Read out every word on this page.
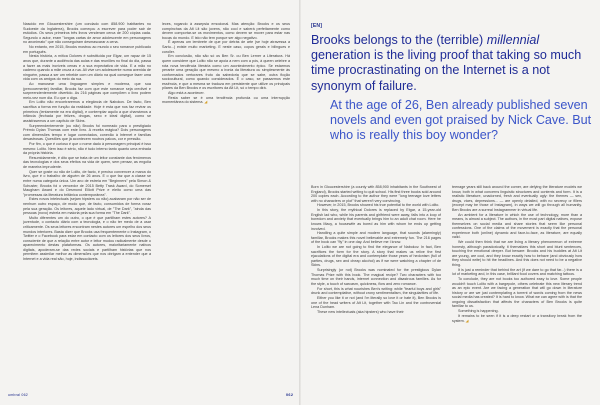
Nascido em Gloucestershire (um condado com 858.900 habitantes no Sudoeste da Inglaterra), Brooks começou a escrever para poder sair de estúdios. Os seus primeiros três livros venderam cerca de 200 cópias cada. Segundo o autor, eram "longas cartas de amor adolescente em personagens no anonimato" que não conseguiram desmascarar a cena.

No entanto, em 2015, Brooks mostrou ao mundo o seu romance publicado em português.

Nesta história, a mítica Dolores é substituída por Elgar, um rapaz de 15 anos que, durante a audiência das aulas e das reuniões no final do dia, passa a fazer as mais incríveis cenas e a sua expectativa de vida. E a mão no caderno quando a mãe cruza a rua. Ali vive um adolescente numa avenida de ninguém, passa a ser um rebelde com um diário na qual consegue fazer uma vida com os amigos do meio da rua.

Ao manusear uma linguagem simples e moderna, que soa (precocemente) familiar, Brooks faz com que este romance seja credível e surpreendentemente divertido. As 216 páginas que compõem o livro podem meio-vez num dia. Eu que o diga.

Em Lolito não encontraremos a elegância de Nabokov. De facto, Ben sacrifica a forma em função da realidade. Hoje é esta que nos faz revirar os primeiros (lentamente na era digital), e contemplar aquilo a que chamámos a infância (fechada por felizes, drogas, sexo e ideal digital), como se assistíssemos a um capítulo de Skins.

Surpreendentemente (ou não) Brooks foi nomeado para o prestigiado Prémio Dylan Thomas com este livro. A receita mágica? Dois personagens com dimensões tempo e lugar conectados, conexão à Internet e famílias desastrosas. Questões que já acontecem noutros palcos, cor e pressão.

Por fim, o que é curioso é que o nome dado à personagem principal é isso mesmo: Lolito. Nem isso é sério, não é tudo interno tanto quanto uma entrada da própria história.

Resumidamente, é dito que se trata de um leitor constante dos fenómenos das tecnologias e dos seus efeitos na vida de quem, sem pensar, as engolia de maneira imprudente.

Quer se goste ou não de Lolito, de facto, é preciso convencer a marca do livro, que é o trabalho de alguém de 26 anos. E o que faz que a classe se entre numa categoria única. Um ano de estreia em "Beginners" pela Simon & Schuster, Brooks foi o vencedor de 2015 Betty Trask Award, do Somerset Maugham Award e do Desmond Elliott Prize e eleito como uma das "promessas da literatura britânica contemporânea".

Estes novos intelectuais (sejam hipsters ou não) acabaram por não ser de nenhum outro espaço, de modo que, de facto, consumidos de forma voraz pela sua geração. Os leitores, aquele lado virtual, de "The Dark", "ainda das pessoas (novo) estrela em maioria pela sua forma em "The Dark".

Muito diferentes um do outro, o que é que partilham estes autores? A juventude, o contacto diário com a tecnologia, e o não ter medo de a usar criticamente. Os seus leitores encontram nestes autores um espelho dos seus mundos interiores. Basta dizer que Brooks usa frequentemente o Instagram, o Twitter e o Facebook para estar em contacto com os leitores dos seus livros, consciente de que a relação entre autor e leitor mudou radicalmente desde o aparecimento destas plataformas. Os autores, maioritariamente nativos digitais, apoderam-se das redes sociais e partilham histórias que nos permitem assimilar melhor as dimensões que nos obrigam a entender que a Internet e a vida real são, hoje, indissociáveis.

leces, rogando à assepsia emocional. Mas atenção: Brooks e os seus compinchas da Alt Lit são jovens, não cool e saberá perfeitamente como devem comportar-se os movimentos, como devem se mover para estar nas bocas do mundo. E isto não tem porque ser algo negativo.

É apenas um lembrete de que por detrás de arte (se hoje atravessa a Sartu...) existe muito marketing. E neste caso, copos gerais e bilingues e coroller.

Em conclusão, não são só os Ben Sr. ou Ben Lerner a Literatura. Há quem considere que Lolito não se apoia a nem com a pós, à queen celebre a rota nova tendência literária como um acontecimento épico. Se estarmos perante uma geração que mesmo a ironia da literatura ou simplesmente às conformados vertorares fruto da sabedoria que se sabe, outra ficção sociocultural, como quando considerados. É o caso, se passarmos este essência, e que a mesma se traduza em persistente que utilize os principais pilares da Ben Brooks e os escritores da Alt Lit, só o tempo dirá.

Algo está a acontecer.

Resta saber se é uma tendência profunda ou uma interrupção momentânea do sistema. ◢

[EN]
Brooks belongs to the (terrible) millennial generation is the living proof that taking so much time procrastinating on the Internet is a not synonym of failure.
At the age of 26, Ben already published seven novels and even got praised by Nick Cave. But who is really this boy wonder?

Born in Gloucestershire (a county with 858,900 inhabitants in the Southwest of England), Brooks started writing to quit school. His first three books sold around 200 copies each. According to the author they were "long teenage love letters with no characters or plot" that weren't very convincing.

However, in 2015, Brooks showed his true potential to the world with Lolito.

In this story, the mythical Dolores is replaced by Etgar, a 15-year-old English lad who, while his parents and girlfriend were away, falls into a loop of boredom and anxiety that eventually brings him to an adult chat room. Here he knows Macy, a housewife as bored as him with whom he ends up getting involved.

Handling a quite simple and modern language, that sounds (alarmingly) familiar, Brooks makes this novel believable and extremely fun. The 216 pages of the book can "fly" in one day. And believe me I know.

In Lolito we are not going to find the elegance of Nabokov. In fact, Ben sacrifices the form for the story. A story that makes us relive the first ejaculations of the digital era and contemplate those years of hedonism (full of parties, drugs, sex and cheap alcohol) as if we were watching a chapter of de Skins.

Surprisingly (or not) Brooks was nominated for the prestigious Dylan Thomas Prize with this book. The magical recipe? Two characters with too much time on their hands, internet connection and disastrous families. As for the style, a touch of sarcasm, quickness, flow and zero romance.

For short, this is what nourishes Ben's writing: while "fearful boys and girls" drunk and contemplative, without crony sentimentalism, the singularities of life.

Either you like it or not (and I'm literally so love it or hate it), Ben Brooks is one of the head writers of Alt Lit, together with Tao Lin and the controversial Lena Dunham.

These new intellectuals (aka hipsters) who have their

teenage years still back around the corner, are defying the literature models we know, both in what concerns linguistic structures and contents and form. It is a realistic literature, unadorned, fresh and eventually ugly: the themes — sex, drugs, vices, depressions... — are openly detailed, with no secrecy or fillers (except may be those of Instagram), in ways we will go through all humanity. Ben Brooks are a surreal Instagrammer in virtual life.

An ambient for a literature in which the use of technology, more than a means, is almost a subject. The authors, in the most part digital natives, expose themselves on social media and share stories that seem like personal confessions. One of the claims of the movement is exactly that the personal experience both (online) dynamic and face-to-face, as literature, are equally valid.

We could then think that we are living a literary phenomenon of extreme honesty, although paradoxically, it thematizes this short and blunt sentences, touching the emotional deeper. But beware: Brooks and his buddies at Alt Lit are young, are cool, and they know exactly how to behave (and obviously how they should write) to hit the headlines. And this does not need to be a negative thing.

It is just a reminder that behind the art (if we dare to go that far...) there is a lot of marketing and, in this case, brilliant food covers and matching tattoos.

To conclude, they are not books too authored easy to love. Some people wouldn't touch Lolito with a bargepole, others celebrate this new literary trend as an epic event. Are we facing a generation that will go down in literature history or are we just contemplating a torrent of words coming from the news social media has created? It is hard to know. What we can agree with is that the ongoing dissatisfaction that affects the characters of Ben Brooks is quite familiar to us.

Something is happening.

It remains to be seen if it is a deep restart or a transitory break from the system. ◢

umbral 062	062
